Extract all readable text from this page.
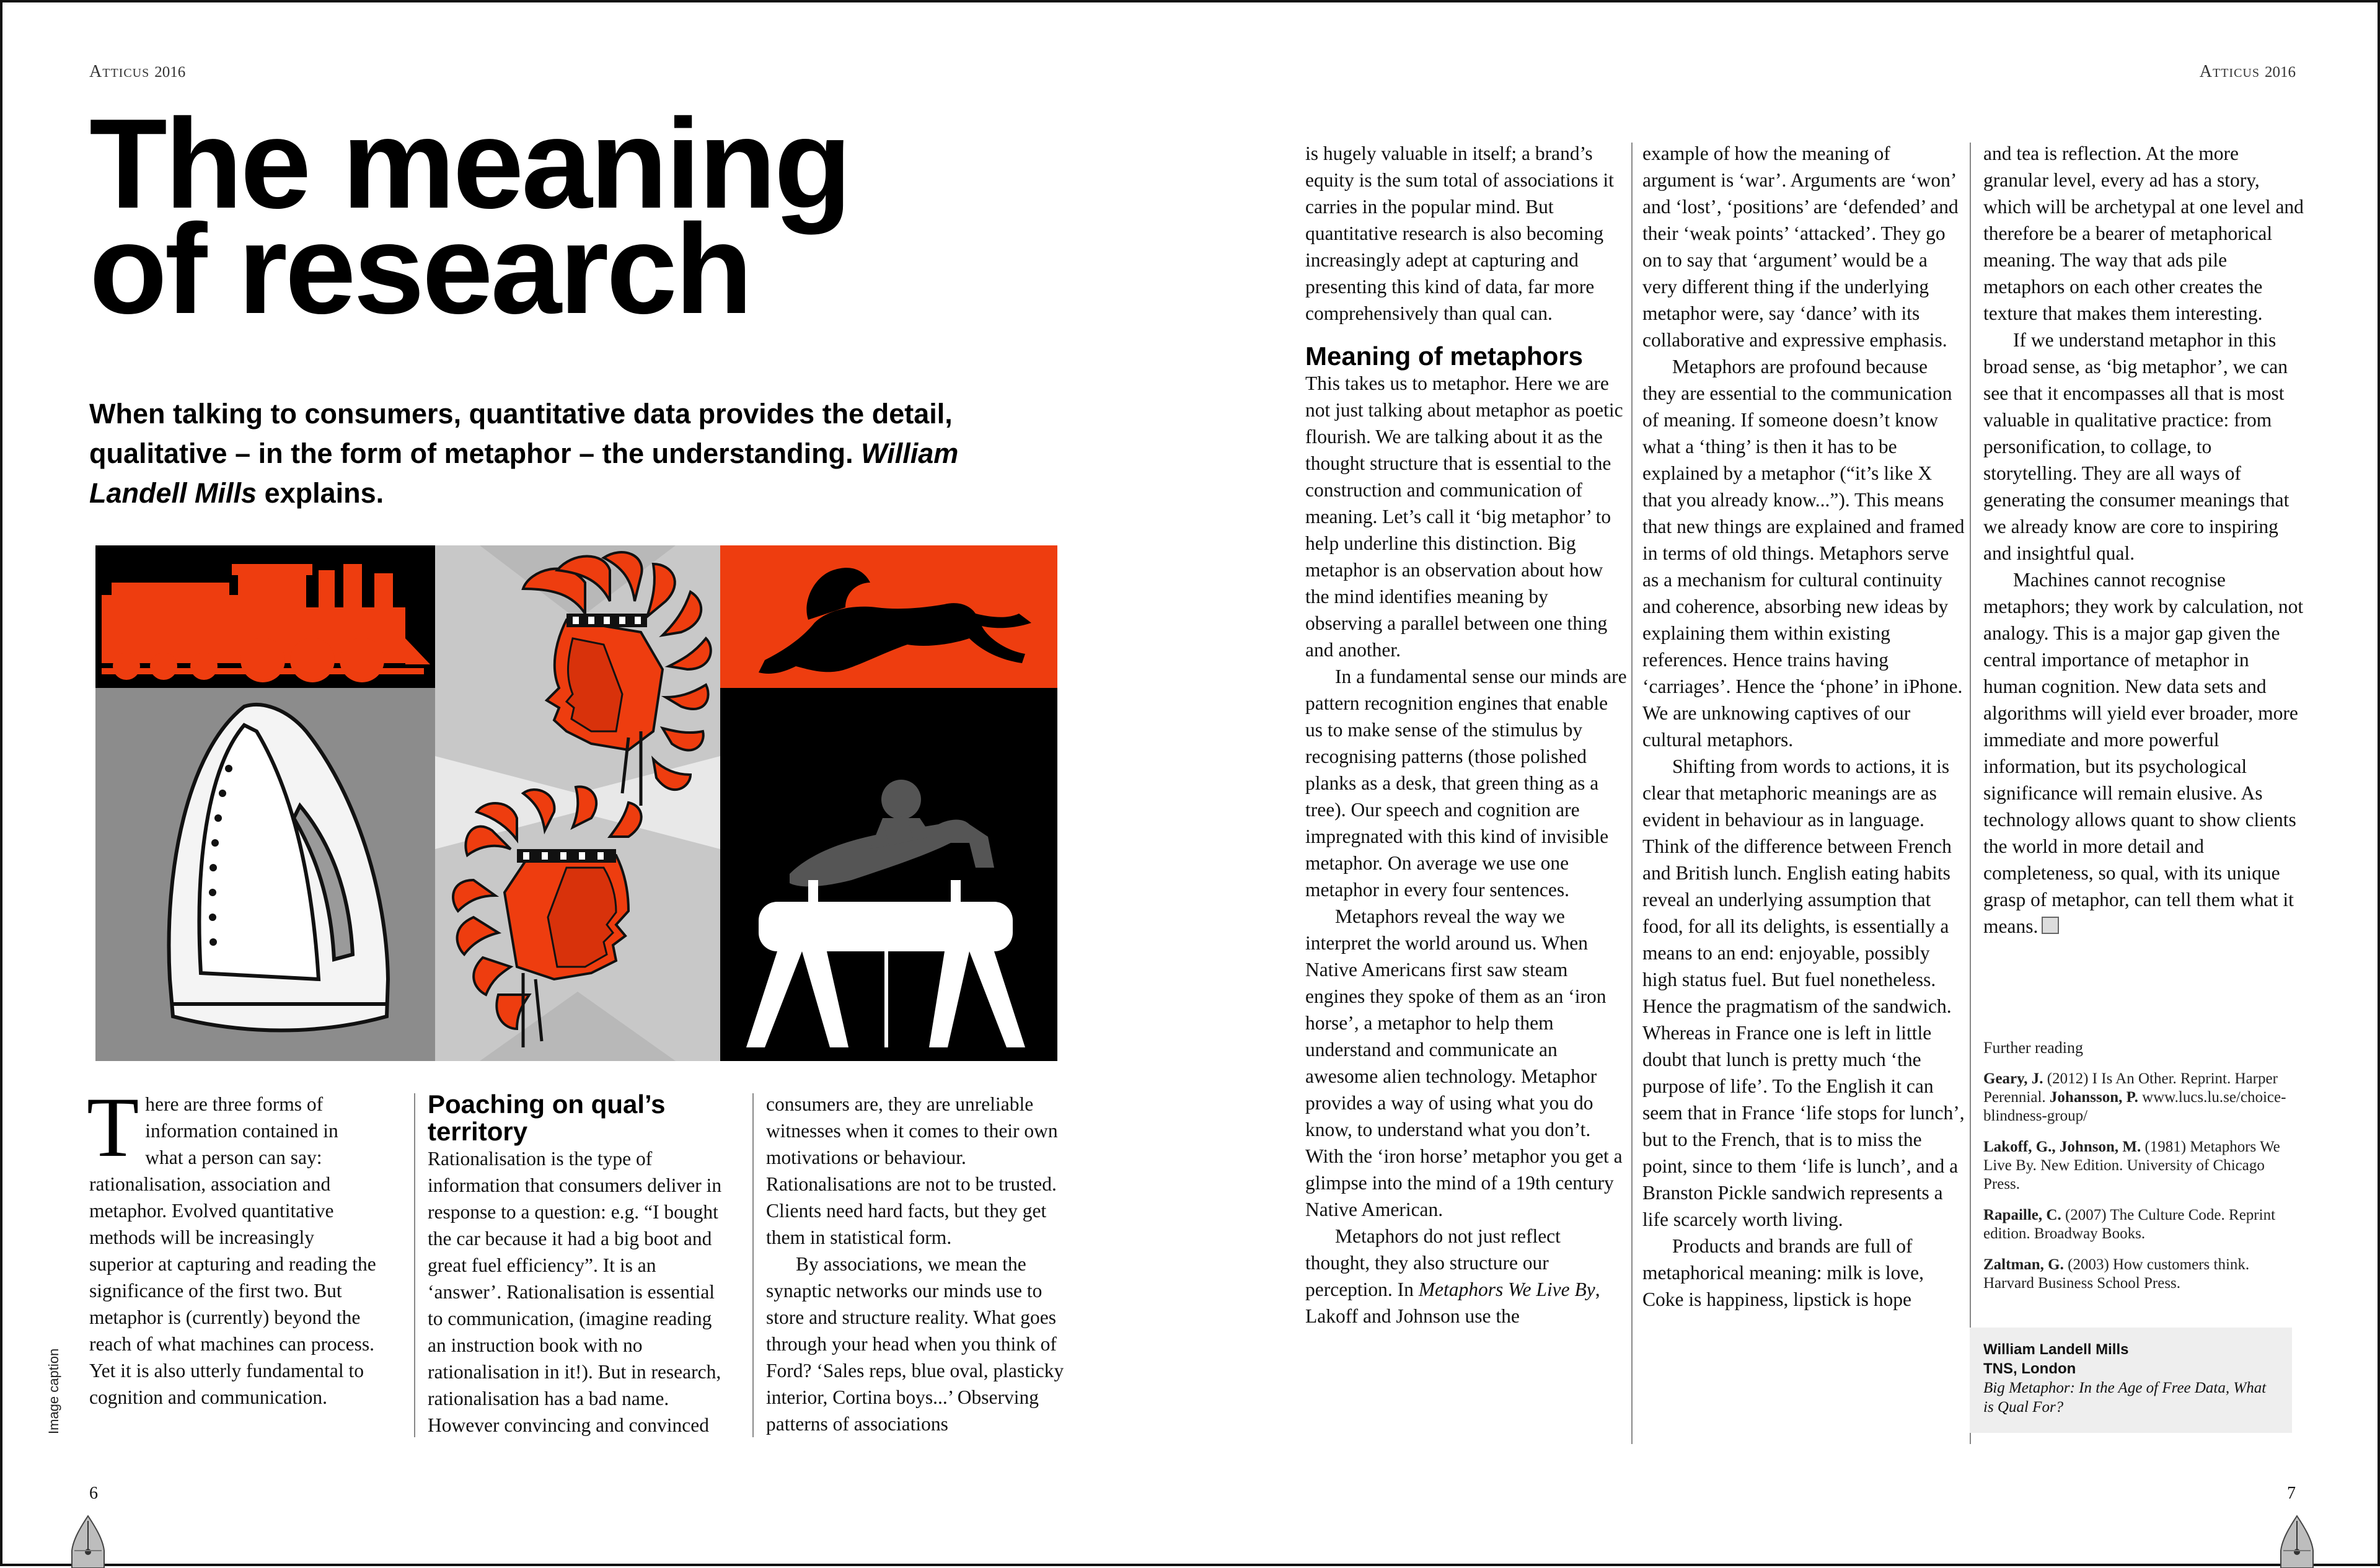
Atticus 2016
The meaning
of research

When talking to consumers, quantitative data provides the detail, qualitative – in the form of metaphor – the understanding. William Landell Mills explains.

There are three forms of information contained in what a person can say: rationalisation, association and metaphor. Evolved quantitative methods will be increasingly superior at capturing and reading the significance of the first two. But metaphor is (currently) beyond the reach of what machines can process. Yet it is also utterly fundamental to cognition and communication.

Poaching on qual’s territory

Rationalisation is the type of information that consumers deliver in response to a question: e.g. “I bought the car because it had a big boot and great fuel efficiency”. It is an ‘answer’. Rationalisation is essential to communication, (imagine reading an instruction book with no rationalisation in it!). But in research, rationalisation has a bad name. However convincing and convinced

consumers are, they are unreliable witnesses when it comes to their own motivations or behaviour. Rationalisations are not to be trusted. Clients need hard facts, but they get them in statistical form.

By associations, we mean the synaptic networks our minds use to store and structure reality. What goes through your head when you think of Ford? ‘Sales reps, blue oval, plasticky interior, Cortina boys...’ Observing patterns of associations

Image caption
6
Atticus 2016

is hugely valuable in itself; a brand’s equity is the sum total of associations it carries in the popular mind. But quantitative research is also becoming increasingly adept at capturing and presenting this kind of data, far more comprehensively than qual can.

Meaning of metaphors

This takes us to metaphor. Here we are not just talking about metaphor as poetic flourish. We are talking about it as the thought structure that is essential to the construction and communication of meaning. Let’s call it ‘big metaphor’ to help underline this distinction. Big metaphor is an observation about how the mind identifies meaning by observing a parallel between one thing and another.

In a fundamental sense our minds are pattern recognition engines that enable us to make sense of the stimulus by recognising patterns (those polished planks as a desk, that green thing as a tree). Our speech and cognition are impregnated with this kind of invisible metaphor. On average we use one metaphor in every four sentences.

Metaphors reveal the way we interpret the world around us. When Native Americans first saw steam engines they spoke of them as an ‘iron horse’, a metaphor to help them understand and communicate an awesome alien technology. Metaphor provides a way of using what you do know, to understand what you don’t. With the ‘iron horse’ metaphor you get a glimpse into the mind of a 19th century Native American.

Metaphors do not just reflect thought, they also structure our perception. In Metaphors We Live By, Lakoff and Johnson use the

example of how the meaning of argument is ‘war’. Arguments are ‘won’ and ‘lost’, ‘positions’ are ‘defended’ and their ‘weak points’ ‘attacked’. They go on to say that ‘argument’ would be a very different thing if the underlying metaphor were, say ‘dance’ with its collaborative and expressive emphasis.

Metaphors are profound because they are essential to the communication of meaning. If someone doesn’t know what a ‘thing’ is then it has to be explained by a metaphor (“it’s like X that you already know...”). This means that new things are explained and framed in terms of old things. Metaphors serve as a mechanism for cultural continuity and coherence, absorbing new ideas by explaining them within existing references. Hence trains having ‘carriages’. Hence the ‘phone’ in iPhone. We are unknowing captives of our cultural metaphors.

Shifting from words to actions, it is clear that metaphoric meanings are as evident in behaviour as in language. Think of the difference between French and British lunch. English eating habits reveal an underlying assumption that food, for all its delights, is essentially a means to an end: enjoyable, possibly high status fuel. But fuel nonetheless. Hence the pragmatism of the sandwich. Whereas in France one is left in little doubt that lunch is pretty much ‘the purpose of life’. To the English it can seem that in France ‘life stops for lunch’, but to the French, that is to miss the point, since to them ‘life is lunch’, and a Branston Pickle sandwich represents a life scarcely worth living.

Products and brands are full of metaphorical meaning: milk is love, Coke is happiness, lipstick is hope

and tea is reflection. At the more granular level, every ad has a story, which will be archetypal at one level and therefore be a bearer of metaphorical meaning. The way that ads pile metaphors on each other creates the texture that makes them interesting.

If we understand metaphor in this broad sense, as ‘big metaphor’, we can see that it encompasses all that is most valuable in qualitative practice: from personification, to collage, to storytelling. They are all ways of generating the consumer meanings that we already know are core to inspiring and insightful qual.

Machines cannot recognise metaphors; they work by calculation, not analogy. This is a major gap given the central importance of metaphor in human cognition. New data sets and algorithms will yield ever broader, more immediate and more powerful information, but its psychological significance will remain elusive. As technology allows quant to show clients the world in more detail and completeness, so qual, with its unique grasp of metaphor, can tell them what it means.

Further reading

Geary, J. (2012) I Is An Other. Reprint. Harper Perennial. Johansson, P. www.lucs.lu.se/choice-blindness-group/

Lakoff, G., Johnson, M. (1981) Metaphors We Live By. New Edition. University of Chicago Press.

Rapaille, C. (2007) The Culture Code. Reprint edition. Broadway Books.

Zaltman, G. (2003) How customers think. Harvard Business School Press.

William Landell Mills
TNS, London
Big Metaphor: In the Age of Free Data, What is Qual For?
7
